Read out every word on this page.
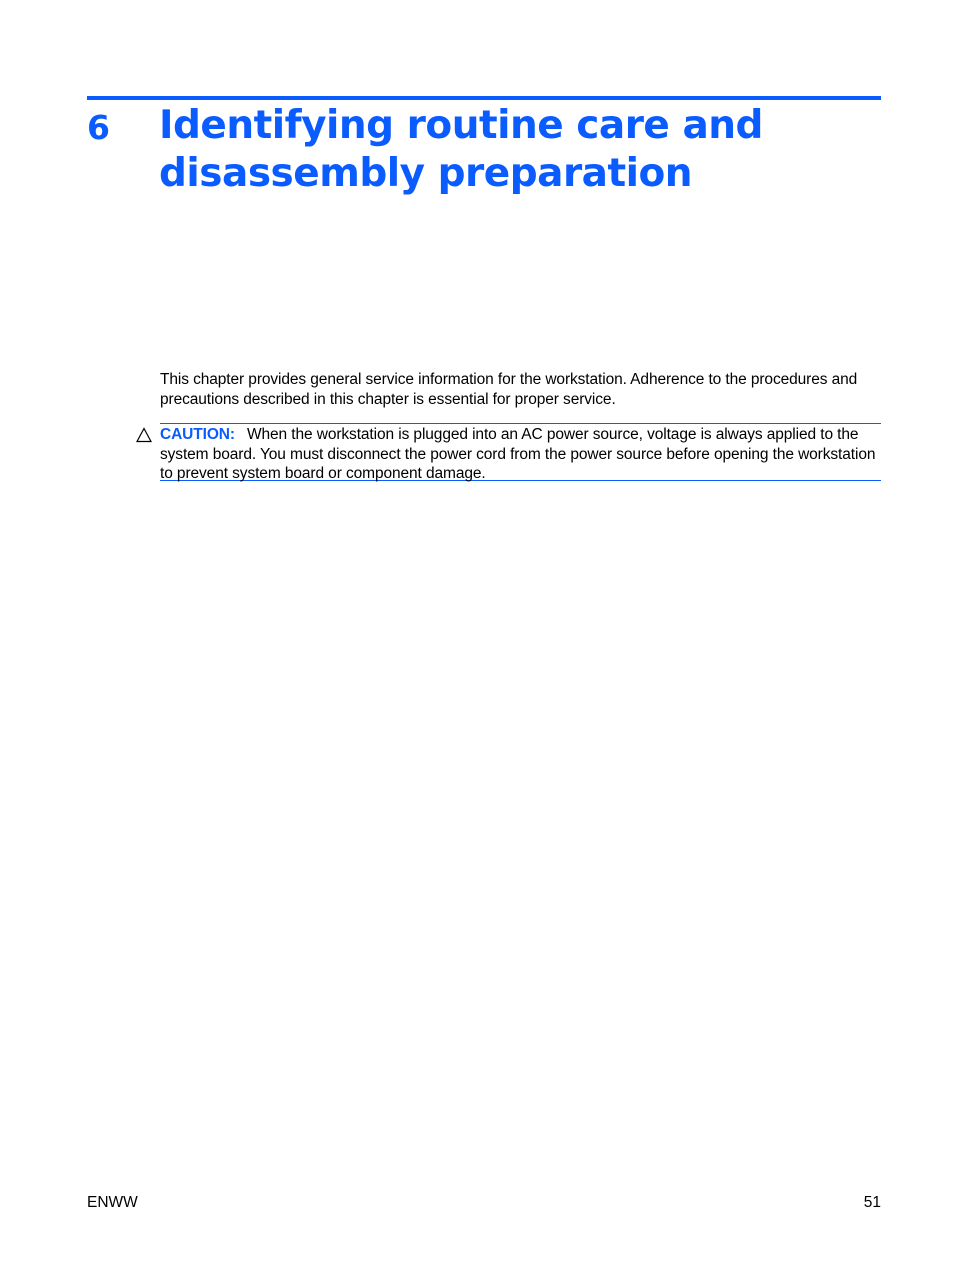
6 Identifying routine care and disassembly preparation

This chapter provides general service information for the workstation. Adherence to the procedures and precautions described in this chapter is essential for proper service.

CAUTION: When the workstation is plugged into an AC power source, voltage is always applied to the system board. You must disconnect the power cord from the power source before opening the workstation to prevent system board or component damage.

ENWW	51
